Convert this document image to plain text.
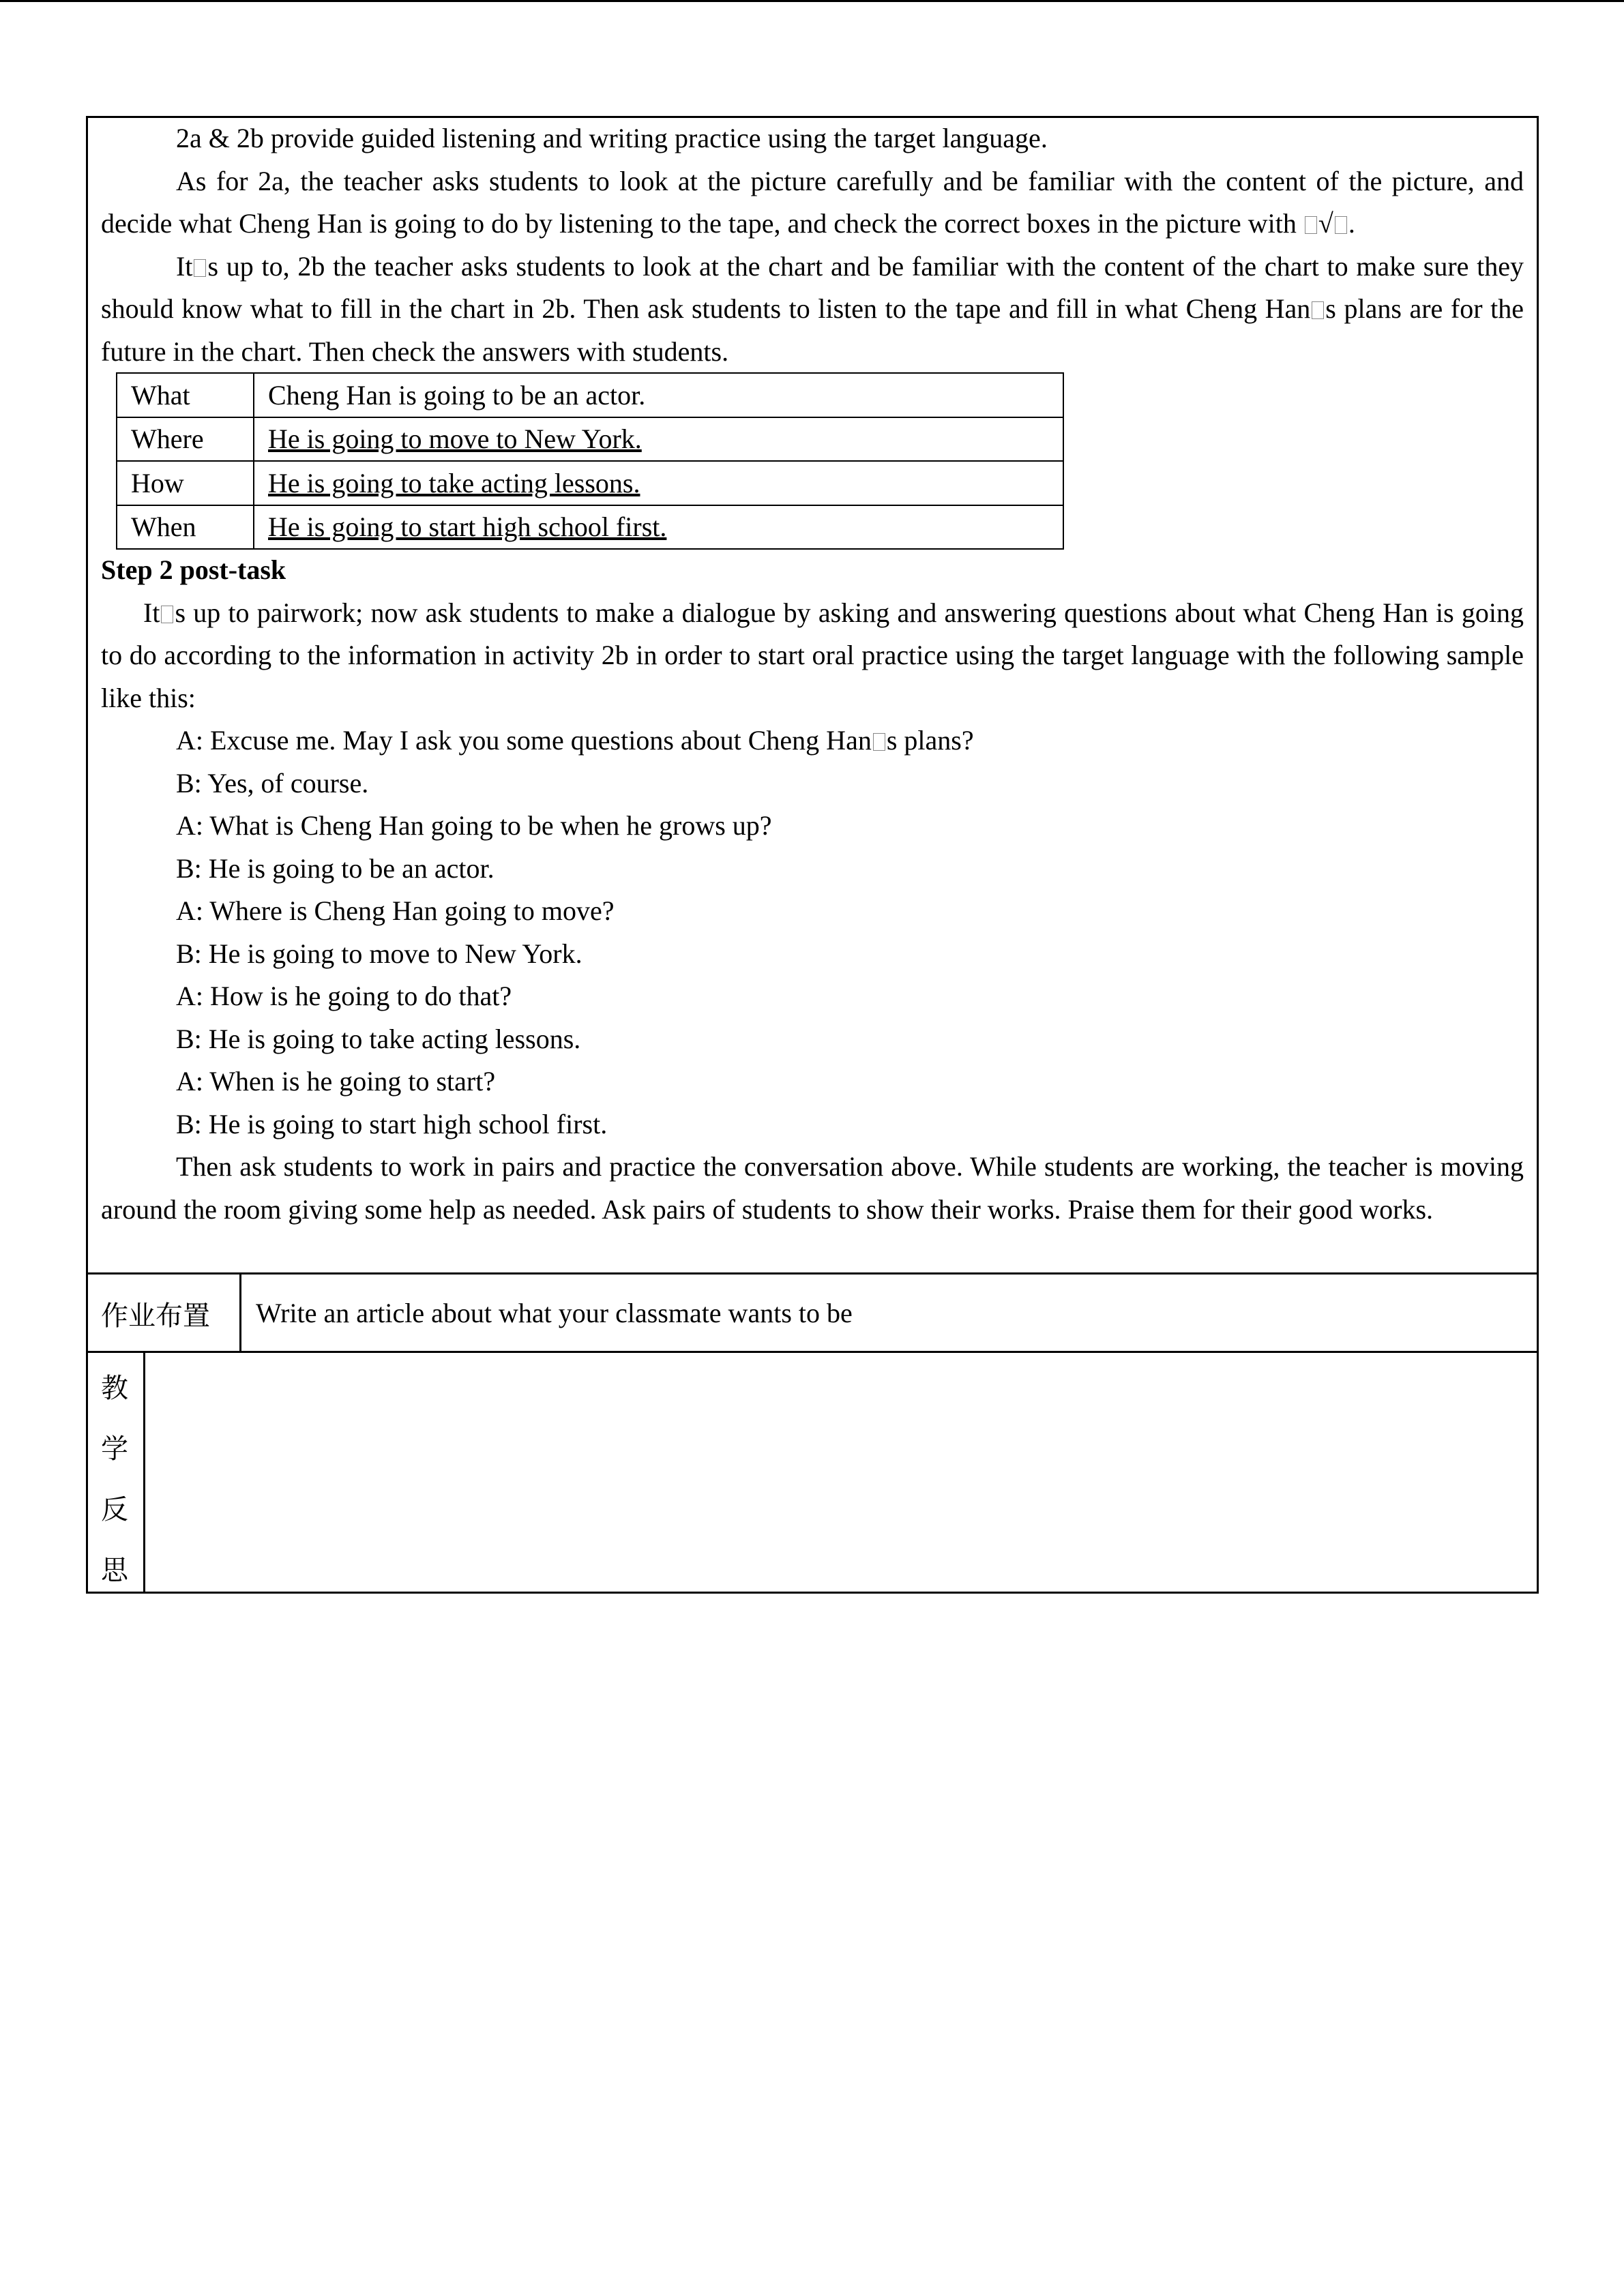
2a & 2b provide guided listening and writing practice using the target language.

As for 2a, the teacher asks students to look at the picture carefully and be familiar with the content of the picture, and decide what Cheng Han is going to do by listening to the tape, and check the correct boxes in the picture with √ .

It s up to, 2b the teacher asks students to look at the chart and be familiar with the content of the chart to make sure they should know what to fill in the chart in 2b. Then ask students to listen to the tape and fill in what Cheng Han s plans are for the future in the chart. Then check the answers with students.

Step 2 post-task

It s up to pairwork; now ask students to make a dialogue by asking and answering questions about what Cheng Han is going to do according to the information in activity 2b in order to start oral practice using the target language with the following sample like this:

A: Excuse me. May I ask you some questions about Cheng Han s plans?

B: Yes, of course.

A: What is Cheng Han going to be when he grows up?

B: He is going to be an actor.

A: Where is Cheng Han going to move?

B: He is going to move to New York.

A: How is he going to do that?

B: He is going to take acting lessons.

A: When is he going to start?

B: He is going to start high school first.

Then ask students to work in pairs and practice the conversation above. While students are working, the teacher is moving around the room giving some help as needed. Ask pairs of students to show their works. Praise them for their good works.

What	Cheng Han is going to be an actor.
Where	He is going to move to New York.
How	He is going to take acting lessons.
When	He is going to start high school first.
作业布置 Write an article about what your classmate wants to be
教
学
反
思
